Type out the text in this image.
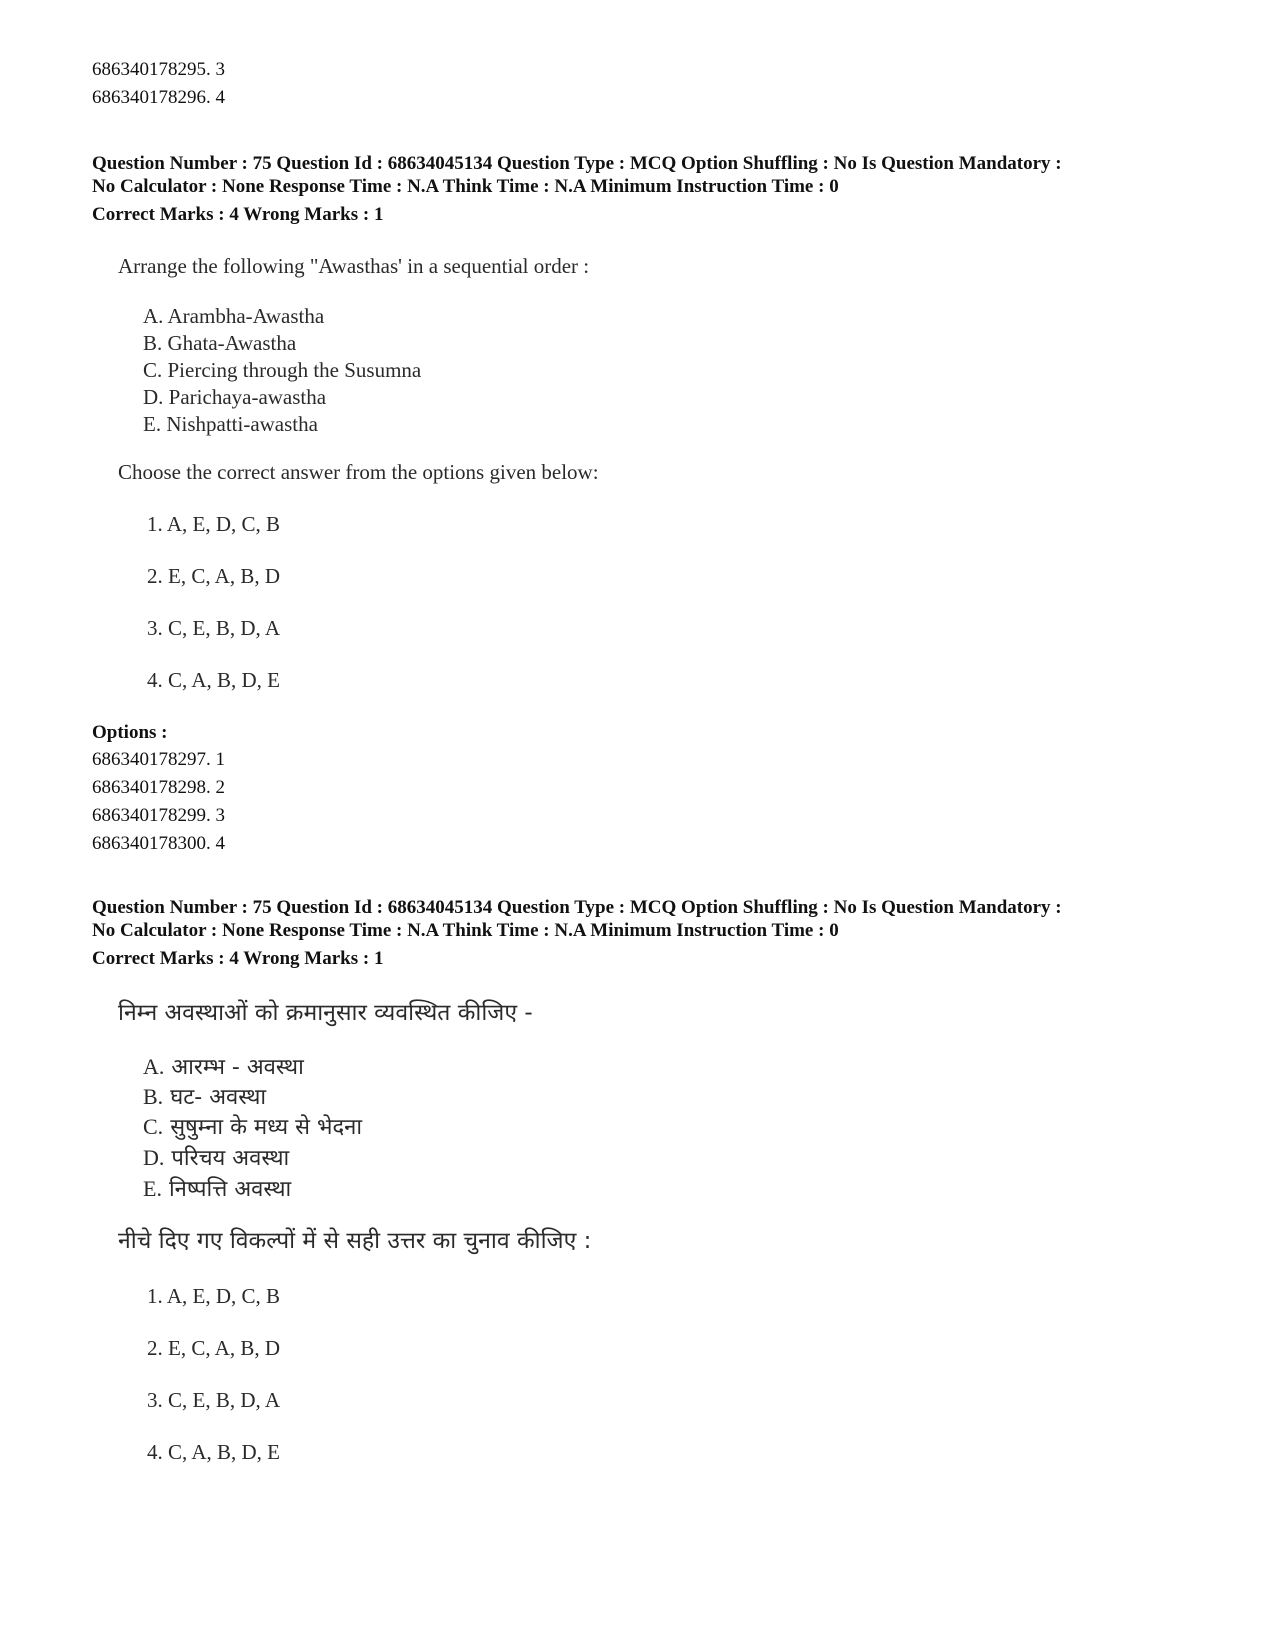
686340178295. 3
686340178296. 4
Question Number : 75 Question Id : 68634045134 Question Type : MCQ Option Shuffling : No Is Question Mandatory :
No Calculator : None Response Time : N.A Think Time : N.A Minimum Instruction Time : 0
Correct Marks : 4 Wrong Marks : 1
Arrange the following "Awasthas' in a sequential order :
A. Arambha-Awastha
B. Ghata-Awastha
C. Piercing through the Susumna
D. Parichaya-awastha
E. Nishpatti-awastha
Choose the correct answer from the options given below:
1. A, E, D, C, B
2. E, C, A, B, D
3. C, E, B, D, A
4. C, A, B, D, E
Options :
686340178297. 1
686340178298. 2
686340178299. 3
686340178300. 4
Question Number : 75 Question Id : 68634045134 Question Type : MCQ Option Shuffling : No Is Question Mandatory :
No Calculator : None Response Time : N.A Think Time : N.A Minimum Instruction Time : 0
Correct Marks : 4 Wrong Marks : 1
निम्न अवस्थाओं को क्रमानुसार व्यवस्थित कीजिए -
A. आरम्भ - अवस्था
B. घट- अवस्था
C. सुषुम्ना के मध्य से भेदना
D. परिचय अवस्था
E. निष्पत्ति अवस्था
नीचे दिए गए विकल्पों में से सही उत्तर का चुनाव कीजिए :
1. A, E, D, C, B
2. E, C, A, B, D
3. C, E, B, D, A
4. C, A, B, D, E
